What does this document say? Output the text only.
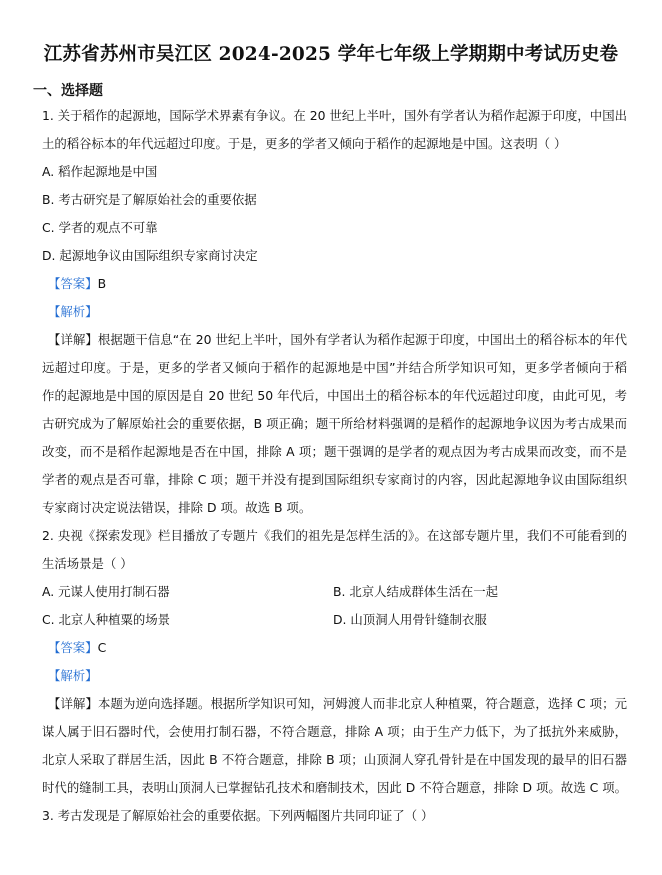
江苏省苏州市吴江区 2024-2025 学年七年级上学期期中考试历史卷
一、选择题
1. 关于稻作的起源地，国际学术界素有争议。在 20 世纪上半叶，国外有学者认为稻作起源于印度，中国出
土的稻谷标本的年代远超过印度。于是，更多的学者又倾向于稻作的起源地是中国。这表明（ ）
A. 稻作起源地是中国
B. 考古研究是了解原始社会的重要依据
C. 学者的观点不可靠
D. 起源地争议由国际组织专家商讨决定
【答案】B
【解析】
【详解】根据题干信息“在 20 世纪上半叶，国外有学者认为稻作起源于印度，中国出土的稻谷标本的年代
远超过印度。于是，更多的学者又倾向于稻作的起源地是中国”并结合所学知识可知，更多学者倾向于稻
作的起源地是中国的原因是自 20 世纪 50 年代后，中国出土的稻谷标本的年代远超过印度，由此可见，考
古研究成为了解原始社会的重要依据，B 项正确；题干所给材料强调的是稻作的起源地争议因为考古成果而
改变，而不是稻作起源地是否在中国，排除 A 项；题干强调的是学者的观点因为考古成果而改变，而不是
学者的观点是否可靠，排除 C 项；题干并没有提到国际组织专家商讨的内容，因此起源地争议由国际组织
专家商讨决定说法错误，排除 D 项。故选 B 项。
2. 央视《探索发现》栏目播放了专题片《我们的祖先是怎样生活的》。在这部专题片里，我们不可能看到的
生活场景是（ ）
A. 元谋人使用打制石器	B. 北京人结成群体生活在一起
C. 北京人种植粟的场景	D. 山顶洞人用骨针缝制衣服
【答案】C
【解析】
【详解】本题为逆向选择题。根据所学知识可知，河姆渡人而非北京人种植粟，符合题意，选择 C 项；元
谋人属于旧石器时代，会使用打制石器，不符合题意，排除 A 项；由于生产力低下，为了抵抗外来威胁，
北京人采取了群居生活，因此 B 不符合题意，排除 B 项；山顶洞人穿孔骨针是在中国发现的最早的旧石器
时代的缝制工具，表明山顶洞人已掌握钻孔技术和磨制技术，因此 D 不符合题意，排除 D 项。故选 C 项。
3. 考古发现是了解原始社会的重要依据。下列两幅图片共同印证了（ ）
